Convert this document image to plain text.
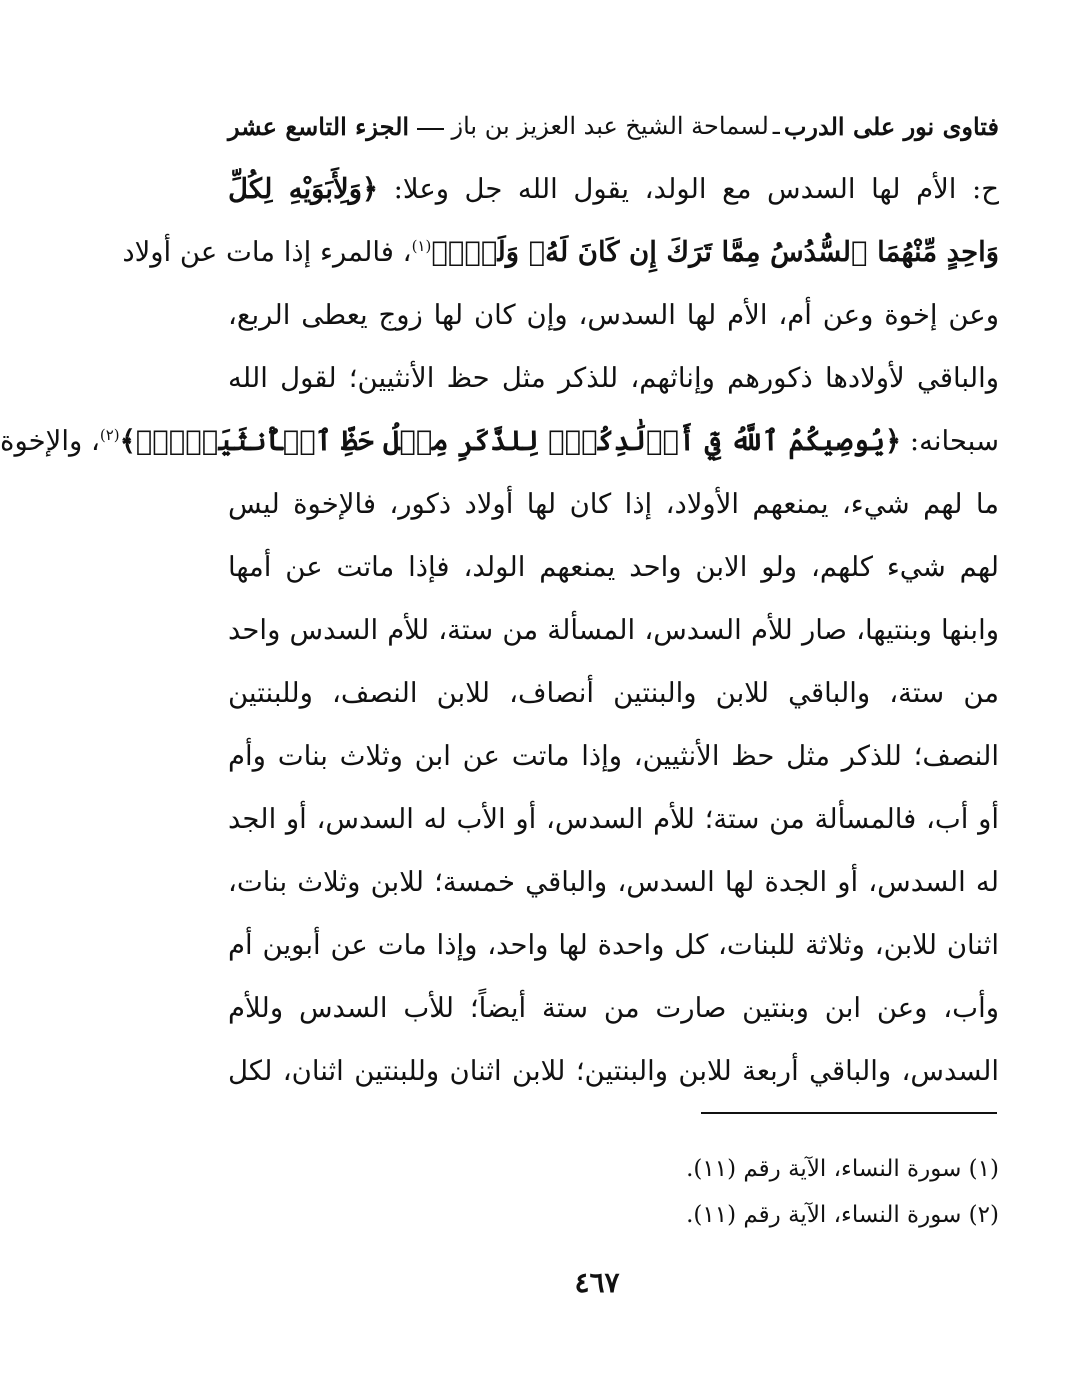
فتاوى نور على الدرب
ـ
لسماحة الشيخ عبد العزيز بن باز
الجزء التاسع عشر
ح: الأم لها السدس مع الولد، يقول الله جل وعلا: ﴿وَلِأَبَوَيْهِ لِكُلِّ
وَاحِدٍ مِّنْهُمَا ٱلسُّدُسُ مِمَّا تَرَكَ إِن كَانَ لَهُۥ وَلَدٌۚ﴾$^{(١)}$، فالمرء إذا مات عن أولاد
وعن إخوة وعن أم، الأم لها السدس، وإن كان لها زوج يعطى الربع،
والباقي لأولادها ذكورهم وإناثهم، للذكر مثل حظ الأنثيين؛ لقول الله
سبحانه: ﴿يُوصِيكُمُ ٱللَّهُ فِيٓ أَوۡلَٰدِكُمۡۖ لِلذَّكَرِ مِثۡلُ حَظِّ ٱلۡأُنثَيَيۡنِۚ﴾$^{(٢)}$، والإخوة
ما لهم شيء، يمنعهم الأولاد، إذا كان لها أولاد ذكور، فالإخوة ليس
لهم شيء كلهم، ولو الابن واحد يمنعهم الولد، فإذا ماتت عن أمها
وابنها وبنتيها، صار للأم السدس، المسألة من ستة، للأم السدس واحد
من ستة، والباقي للابن والبنتين أنصاف، للابن النصف، وللبنتين
النصف؛ للذكر مثل حظ الأنثيين، وإذا ماتت عن ابن وثلاث بنات وأم
أو أب، فالمسألة من ستة؛ للأم السدس، أو الأب له السدس، أو الجد
له السدس، أو الجدة لها السدس، والباقي خمسة؛ للابن وثلاث بنات،
اثنان للابن، وثلاثة للبنات، كل واحدة لها واحد، وإذا مات عن أبوين أم
وأب، وعن ابن وبنتين صارت من ستة أيضاً؛ للأب السدس وللأم
السدس، والباقي أربعة للابن والبنتين؛ للابن اثنان وللبنتين اثنان، لكل
(١) سورة النساء، الآية رقم (١١).
(٢) سورة النساء، الآية رقم (١١).
٤٦٧
